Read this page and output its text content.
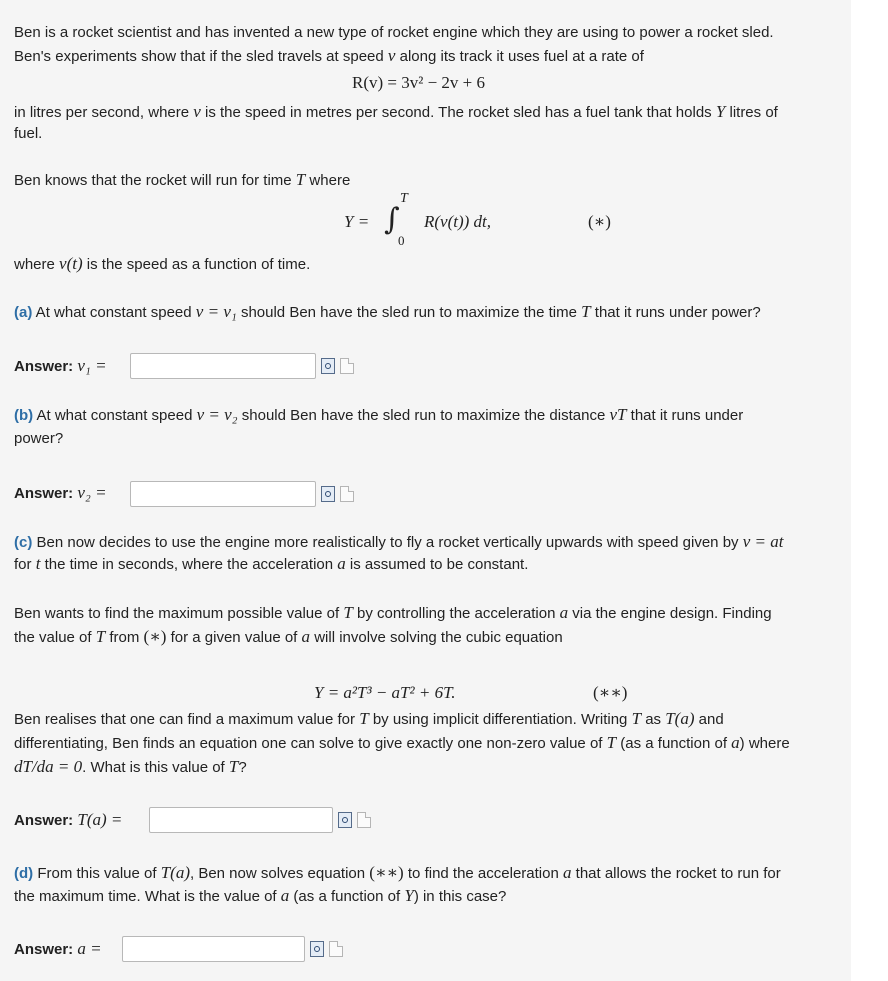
Ben is a rocket scientist and has invented a new type of rocket engine which they are using to power a rocket sled.
Ben's experiments show that if the sled travels at speed v along its track it uses fuel at a rate of
R(v) = 3v² − 2v + 6
in litres per second, where v is the speed in metres per second. The rocket sled has a fuel tank that holds Y litres of
fuel.
Ben knows that the rocket will run for time T where
Y = ∫
T
0
R(v(t)) dt,	(∗)
where v(t) is the speed as a function of time.
(a) At what constant speed v = v₁ should Ben have the sled run to maximize the time T that it runs under power?
Answer: v₁ =
(b) At what constant speed v = v₂ should Ben have the sled run to maximize the distance vT that it runs under
power?
Answer: v₂ =
(c) Ben now decides to use the engine more realistically to fly a rocket vertically upwards with speed given by v = at
for t the time in seconds, where the acceleration a is assumed to be constant.
Ben wants to find the maximum possible value of T by controlling the acceleration a via the engine design. Finding
the value of T from (∗) for a given value of a will involve solving the cubic equation
Y = a²T³ − aT² + 6T.	(∗∗)
Ben realises that one can find a maximum value for T by using implicit differentiation. Writing T as T(a) and
differentiating, Ben finds an equation one can solve to give exactly one non-zero value of T (as a function of a) where
dT/da = 0. What is this value of T?
Answer: T(a) =
(d) From this value of T(a), Ben now solves equation (∗∗) to find the acceleration a that allows the rocket to run for
the maximum time. What is the value of a (as a function of Y) in this case?
Answer: a =
